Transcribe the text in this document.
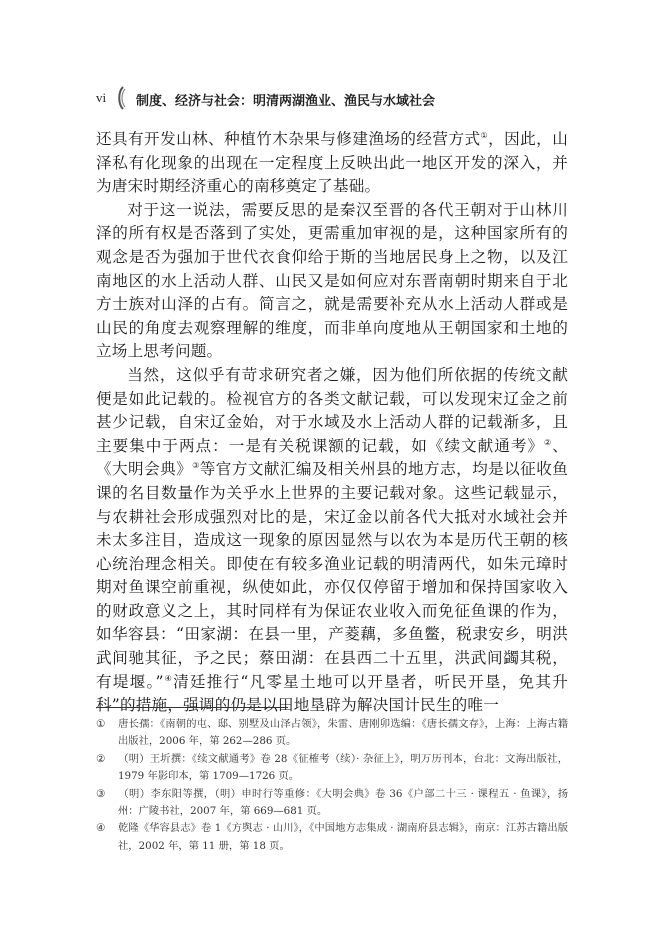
vi 制度、经济与社会：明清两湖渔业、渔民与水域社会

还具有开发山林、种植竹木杂果与修建渔场的经营方式①，因此，山泽私有化现象的出现在一定程度上反映出此一地区开发的深入，并为唐宋时期经济重心的南移奠定了基础。

对于这一说法，需要反思的是秦汉至晋的各代王朝对于山林川泽的所有权是否落到了实处，更需重加审视的是，这种国家所有的观念是否为强加于世代衣食仰给于斯的当地居民身上之物，以及江南地区的水上活动人群、山民又是如何应对东晋南朝时期来自于北方士族对山泽的占有。简言之，就是需要补充从水上活动人群或是山民的角度去观察理解的维度，而非单向度地从王朝国家和土地的立场上思考问题。

当然，这似乎有苛求研究者之嫌，因为他们所依据的传统文献便是如此记载的。检视官方的各类文献记载，可以发现宋辽金之前甚少记载，自宋辽金始，对于水域及水上活动人群的记载渐多，且主要集中于两点：一是有关税课额的记载，如《续文献通考》②、《大明会典》③等官方文献汇编及相关州县的地方志，均是以征收鱼课的名目数量作为关乎水上世界的主要记载对象。这些记载显示，与农耕社会形成强烈对比的是，宋辽金以前各代大抵对水域社会并未太多注目，造成这一现象的原因显然与以农为本是历代王朝的核心统治理念相关。即使在有较多渔业记载的明清两代，如朱元璋时期对鱼课空前重视，纵使如此，亦仅仅停留于增加和保持国家收入的财政意义之上，其时同样有为保证农业收入而免征鱼课的作为，如华容县：“田家湖：在县一里，产菱藕，多鱼鳖，税隶安乡，明洪武间驰其征，予之民；蔡田湖：在县西二十五里，洪武间蠲其税，有堤堰。”④清廷推行“凡零星土地可以开垦者，听民开垦，免其升科”的措施，强调的仍是以田地垦辟为解决国计民生的唯一

① 唐长孺：《南朝的屯、邸、别墅及山泽占领》，朱雷、唐刚卯选编：《唐长孺文存》，上海：上海古籍出版社，2006 年，第 262—286 页。

② （明）王圻撰：《续文献通考》卷 28《征榷考（续）· 杂征上》，明万历刊本，台北：文海出版社，1979 年影印本，第 1709—1726 页。

③ （明）李东阳等撰，（明）申时行等重修：《大明会典》卷 36《户部二十三 · 课程五 · 鱼课》，扬州：广陵书社，2007 年，第 669—681 页。

④ 乾隆《华容县志》卷 1《方舆志 · 山川》，《中国地方志集成 · 湖南府县志辑》，南京：江苏古籍出版社，2002 年，第 11 册，第 18 页。
